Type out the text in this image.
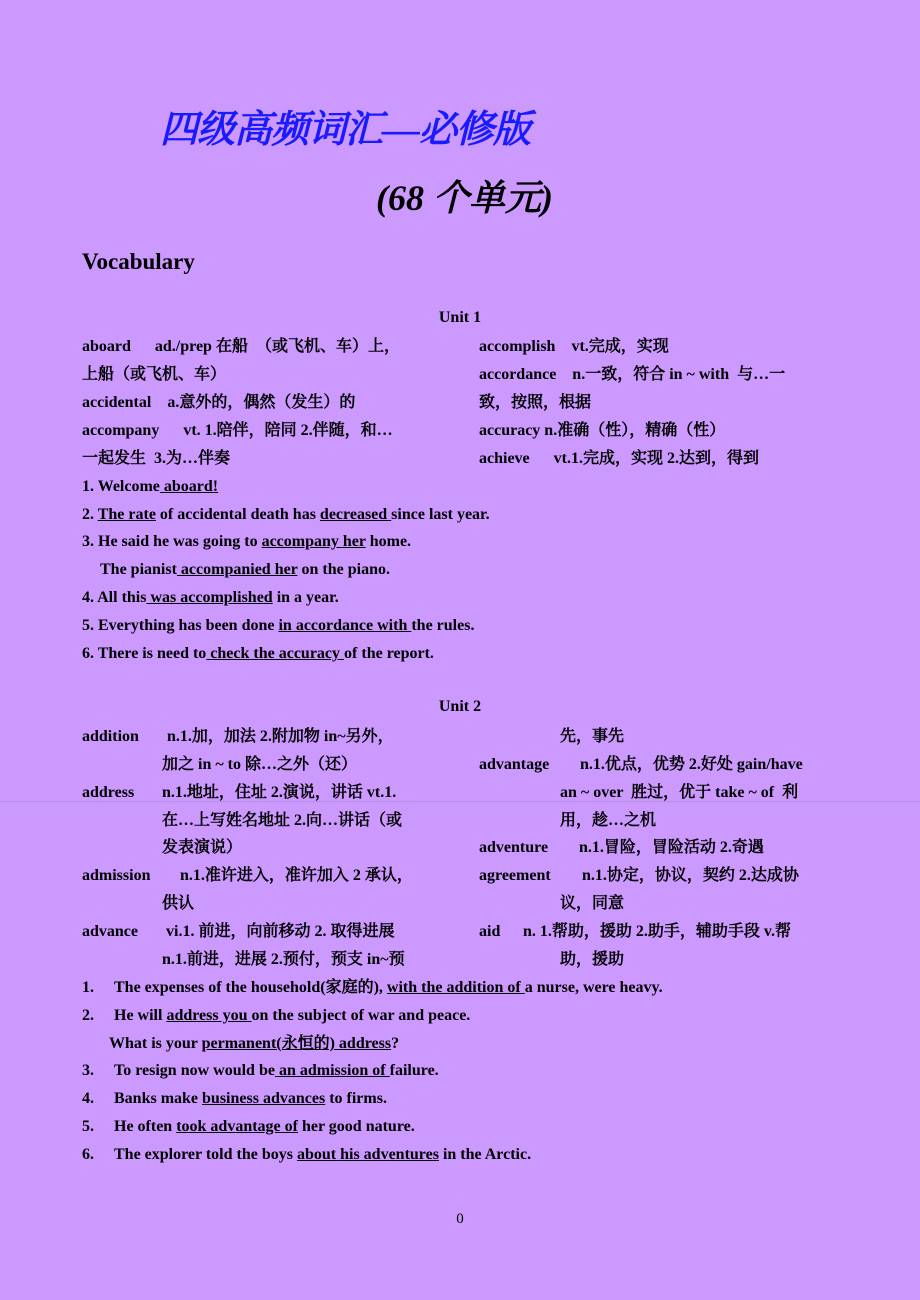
四级高频词汇—必修版
(68 个单元)
Vocabulary
Unit 1
aboard      ad./prep 在船  （或飞机、车）上，
上船（或飞机、车）
accidental    a.意外的，偶然（发生）的
accompany      vt. 1.陪伴，陪同 2.伴随，和…
一起发生  3.为…伴奏
accomplish    vt.完成，实现
accordance    n.一致，符合 in ~ with  与…一
致，按照，根据
accuracy n.准确（性），精确（性）
achieve      vt.1.完成，实现 2.达到，得到
1. Welcome aboard!
2. The rate of accidental death has decreased since last year.
3. He said he was going to accompany her home.
The pianist accompanied her on the piano.
4. All this was accomplished in a year.
5. Everything has been done in accordance with the rules.
6. There is need to check the accuracy of the report.
Unit 2
addition n.1.加，加法 2.附加物 in~另外，
加之 in ~ to 除…之外（还）
address n.1.地址，住址 2.演说，讲话 vt.1.
在…上写姓名地址 2.向…讲话（或
发表演说）
admission n.1.准许进入，准许加入 2 承认，
供认
advance vi.1. 前进，向前移动 2. 取得进展
n.1.前进，进展 2.预付，预支 in~预
先，事先
advantage n.1.优点，优势 2.好处 gain/have
an ~ over  胜过，优于 take ~ of  利
用，趁…之机
adventure n.1.冒险，冒险活动 2.奇遇
agreement n.1.协定，协议，契约 2.达成协
议，同意
aid n. 1.帮助，援助 2.助手，辅助手段 v.帮
助，援助
1. The expenses of the household(家庭的), with the addition of a nurse, were heavy.
2. He will address you on the subject of war and peace.
What is your permanent(永恒的) address?
3. To resign now would be an admission of failure.
4. Banks make business advances to firms.
5. He often took advantage of her good nature.
6. The explorer told the boys about his adventures in the Arctic.
0
